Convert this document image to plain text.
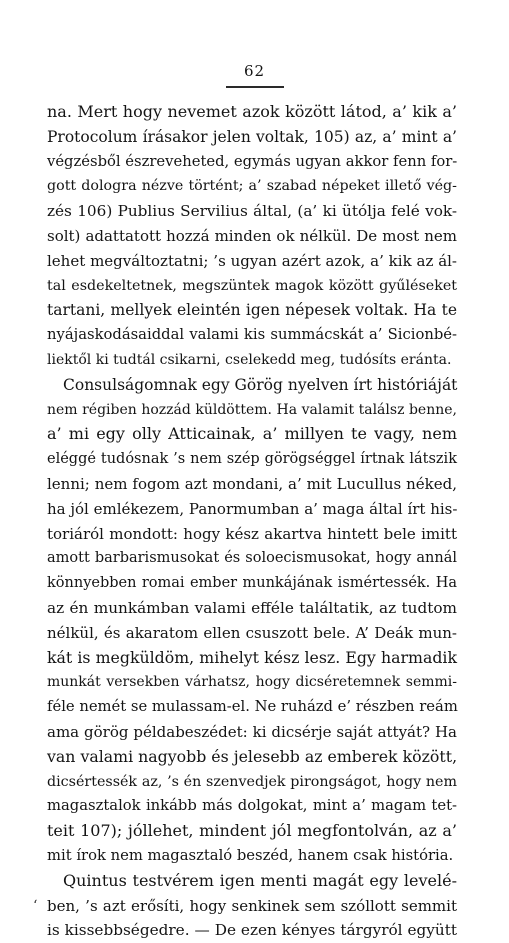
62
na. Mert hogy nevemet azok között látod, a’ kik a’
Protocolum írásakor jelen voltak, 105) az, a’ mint a’
végzésből észreveheted, egymás ugyan akkor fenn for-
gott dologra nézve történt; a’ szabad népeket illető vég-
zés 106) Publius Servilius által, (a’ ki ütólja felé vok-
solt) adattatott hozzá minden ok nélkül. De most nem
lehet megváltoztatni; ’s ugyan azért azok, a’ kik az ál-
tal esdekeltetnek, megszüntek magok között gyűléseket
tartani, mellyek eleintén igen népesek voltak. Ha te
nyájaskodásaiddal valami kis summácskát a’ Sicionbé-
liektől ki tudtál csikarni, cselekedd meg, tudósíts eránta.
Consulságomnak egy Görög nyelven írt históriáját
nem régiben hozzád küldöttem. Ha valamit találsz benne,
a’ mi egy olly Atticainak, a’ millyen te vagy, nem
eléggé tudósnak ’s nem szép görögséggel írtnak látszik
lenni; nem fogom azt mondani, a’ mit Lucullus néked,
ha jól emlékezem, Panormumban a’ maga által írt his-
toriáról mondott: hogy kész akartva hintett bele imitt
amott barbarismusokat és soloecismusokat, hogy annál
könnyebben romai ember munkájának ismértessék. Ha
az én munkámban valami efféle találtatik, az tudtom
nélkül, és akaratom ellen csuszott bele. A’ Deák mun-
kát is megküldöm, mihelyt kész lesz. Egy harmadik
munkát versekben várhatsz, hogy dicséretemnek semmi-
féle nemét se mulassam-el. Ne ruházd e’ részben reám
ama görög példabeszédet: ki dicsérje saját attyát? Ha
van valami nagyobb és jelesebb az emberek között,
dicsértessék az, ’s én szenvedjek pirongságot, hogy nem
magasztalok inkább más dolgokat, mint a’ magam tet-
teit 107); jóllehet, mindent jól megfontolván, az a’
mit írok nem magasztaló beszéd, hanem csak história.
Quintus testvérem igen menti magát egy levelé-
‘ ben, ’s azt erősíti, hogy senkinek sem szóllott semmit
is kissebbségedre. — De ezen kényes tárgyról együtt
